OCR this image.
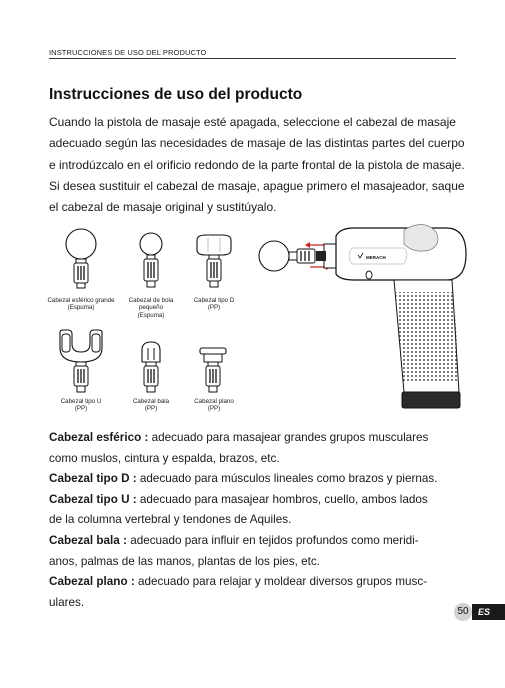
INSTRUCCIONES DE USO DEL PRODUCTO
Instrucciones de uso del producto

Cuando la pistola de masaje esté apagada, seleccione el cabezal de masaje

adecuado según las necesidades de masaje de las distintas partes del cuerpo

e introdúzcalo en el orificio redondo de la parte frontal de la pistola de masaje.

Si desea sustituir el cabezal de masaje, apague primero el masajeador, saque

el cabezal de masaje original y sustitúyalo.

Cabezal esférico grande
(Espuma)
Cabezal de bola
pequeño
(Espuma)
Cabezal tipo D
(PP)
Cabezal tipo U
(PP)
Cabezal bala
(PP)
Cabezal plano
(PP)
MERACH

Cabezal esférico : adecuado para masajear grandes grupos musculares

como muslos, cintura y espalda, brazos, etc.

Cabezal tipo D : adecuado para músculos lineales como brazos y piernas.

Cabezal tipo U : adecuado para masajear hombros, cuello, ambos lados

de la columna vertebral y tendones de Aquiles.

Cabezal bala : adecuado para influir en tejidos profundos como meridi-

anos, palmas de las manos, plantas de los pies, etc.

Cabezal plano : adecuado para relajar y moldear diversos grupos musc-

ulares.

50	ES
